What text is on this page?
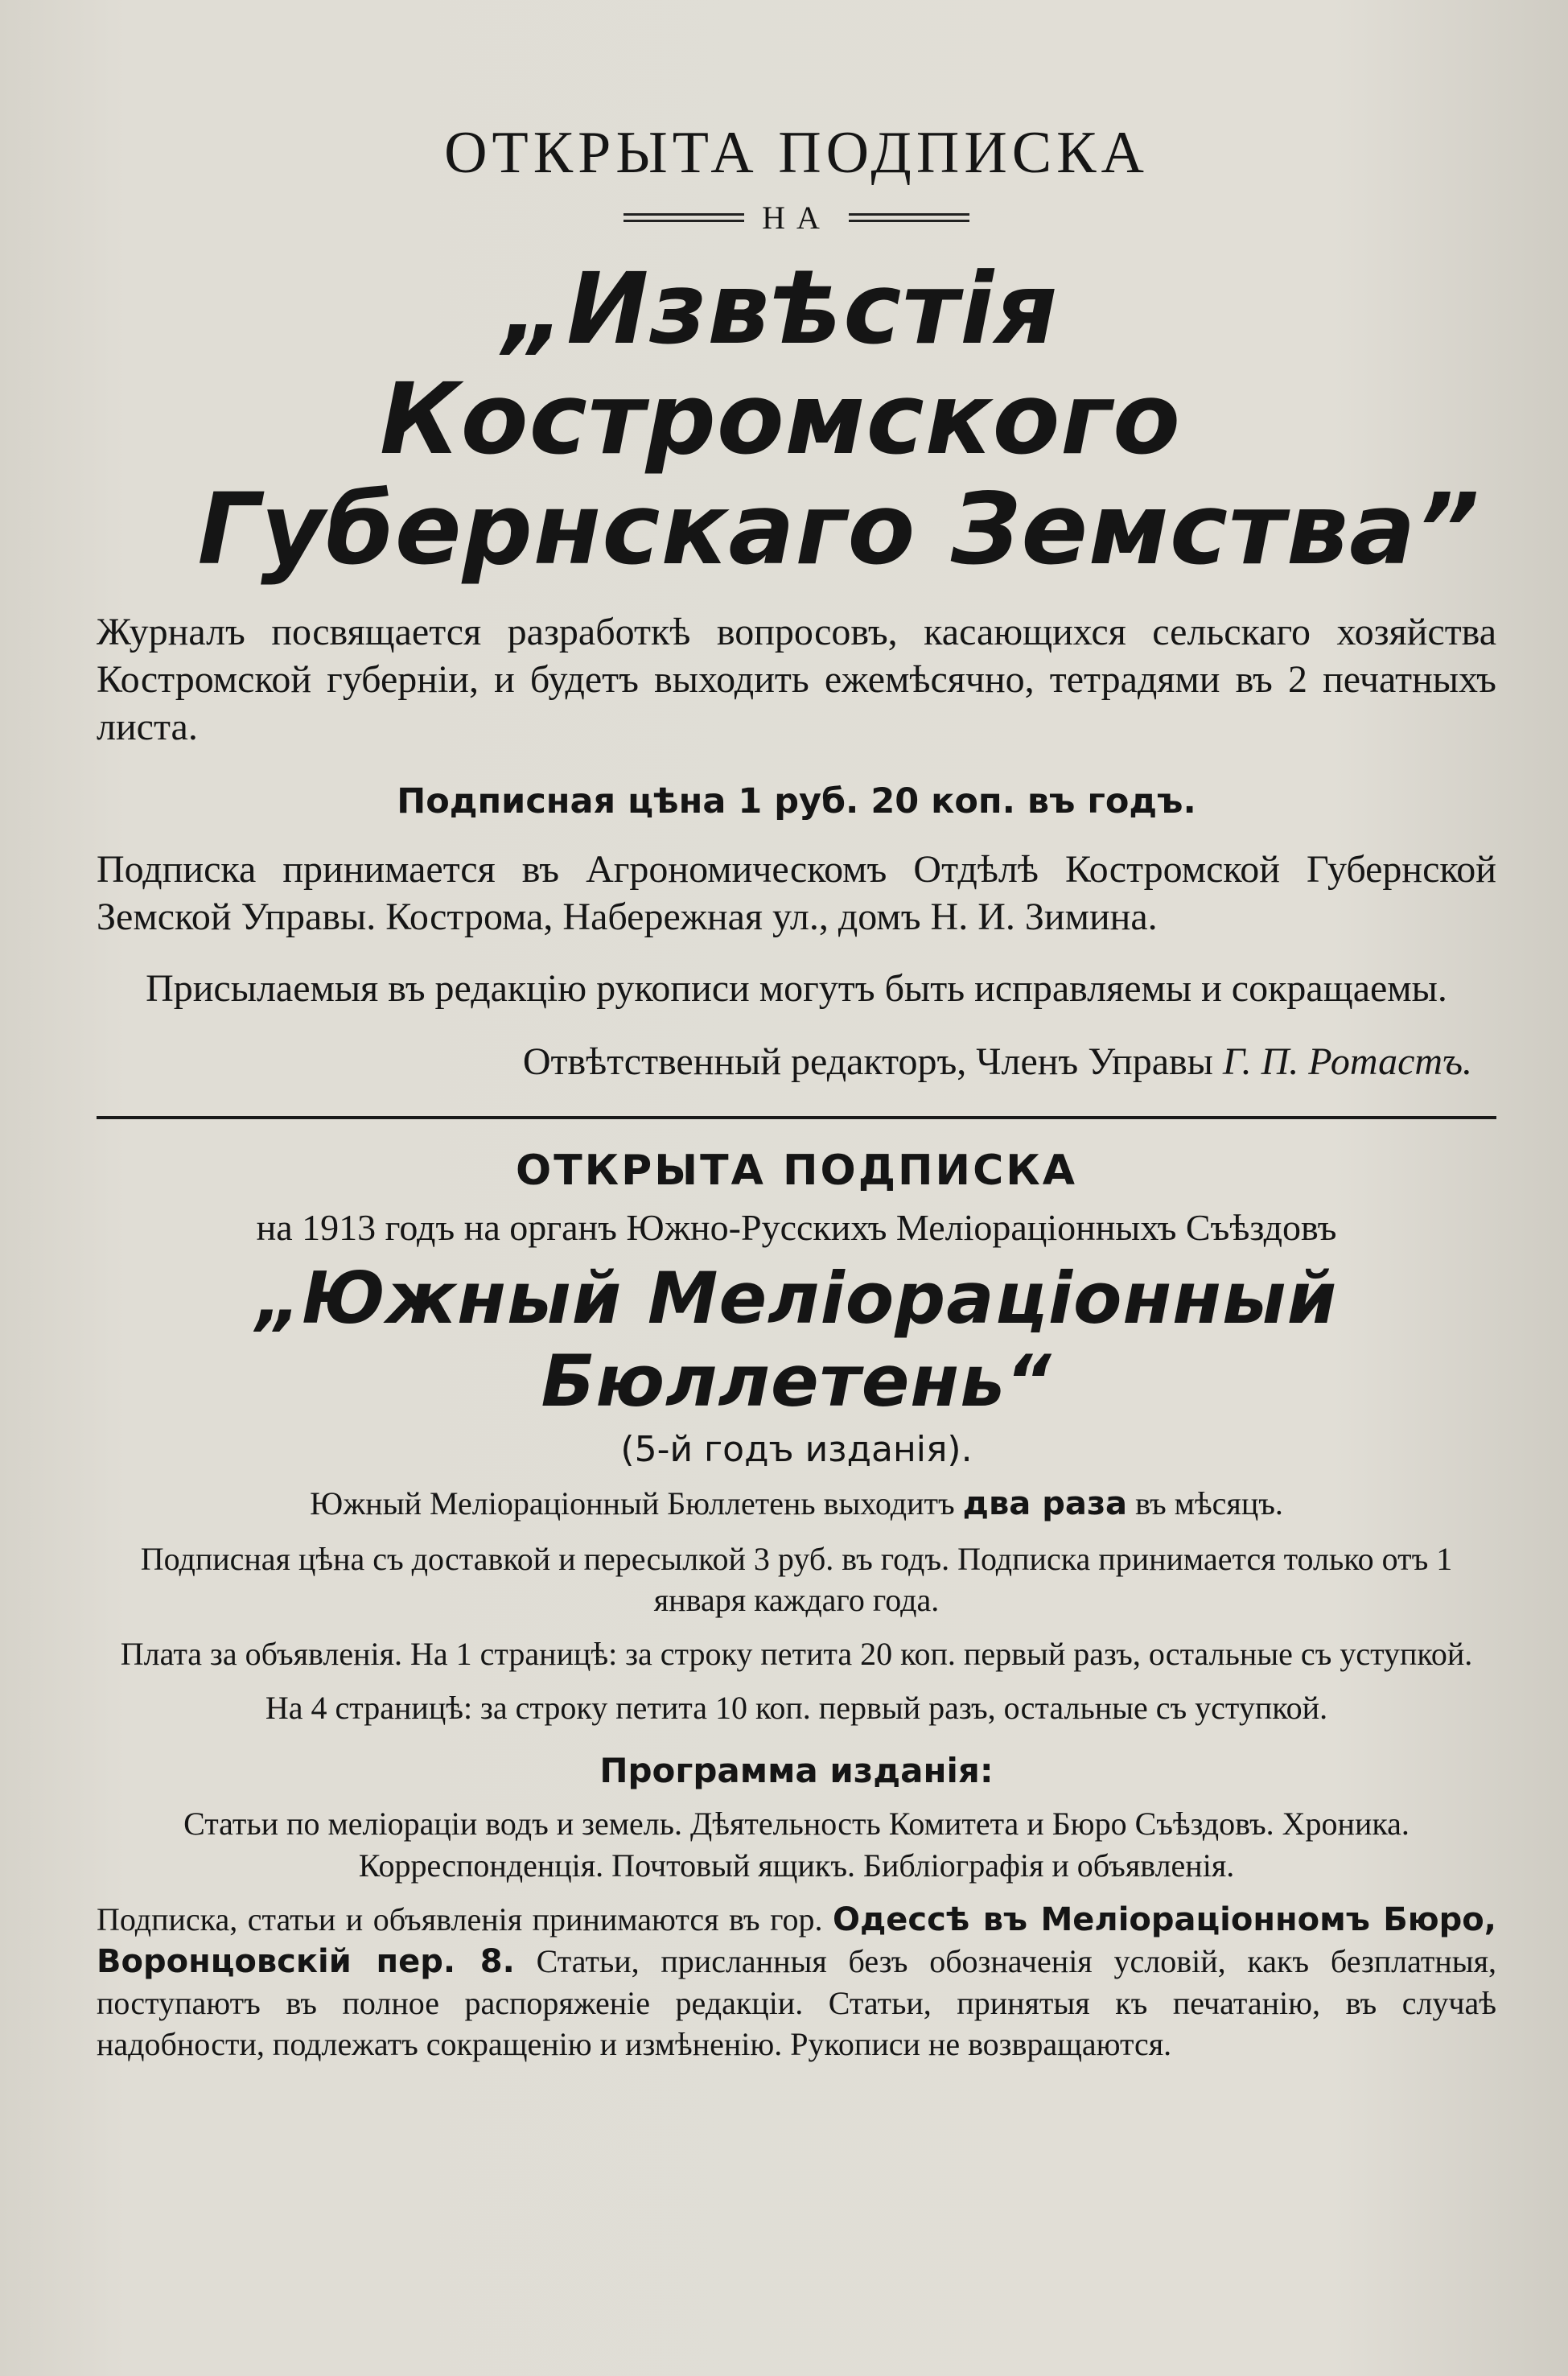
ОТКРЫТА ПОДПИСКА
НА
„Извѣстія Костромского
Губернскаго Земства”
Журналъ посвящается разработкѣ вопросовъ, касающихся сельскаго хозяйства Костромской губерніи, и будетъ выходить ежемѣсячно, тетрадями въ 2 печатныхъ листа.
Подписная цѣна 1 руб. 20 коп. въ годъ.
Подписка принимается въ Агрономическомъ Отдѣлѣ Костромской Губернской Земской Управы. Кострома, Набережная ул., домъ Н. И. Зимина.
Присылаемыя въ редакцію рукописи могутъ быть исправляемы и сокращаемы.
Отвѣтственный редакторъ, Членъ Управы Г. П. Ротастъ.
ОТКРЫТА ПОДПИСКА
на 1913 годъ на органъ Южно-Русскихъ Мелioраціонныхъ Съѣздовъ
„Южный Мелiораціонный Бюллетень“
(5-й годъ изданія).
Южный Мелiораціонный Бюллетень выходитъ два раза въ мѣсяцъ.
Подписная цѣна съ доставкой и пересылкой 3 руб. въ годъ. Подписка принимается только отъ 1 января каждаго года.
Плата за объявленія. На 1 страницѣ: за строку петита 20 коп. первый разъ, остальные съ уступкой.
На 4 страницѣ: за строку петита 10 коп. первый разъ, остальные съ уступкой.
Программа изданія:
Статьи по мелioраціи водъ и земель. Дѣятельность Комитета и Бюро Съѣздовъ. Хроника. Корреспонденція. Почтовый ящикъ. Библіографія и объявленія.
Подписка, статьи и объявленія принимаются въ гор. Одессѣ въ Мелiораціонномъ Бюро, Воронцовскiй пер. 8. Статьи, присланныя безъ обозначенія условій, какъ безплатныя, поступаютъ въ полное распоряженіе редакціи. Статьи, принятыя къ печатанію, въ случаѣ надобности, подлежатъ сокращенію и измѣненію. Рукописи не возвращаются.
